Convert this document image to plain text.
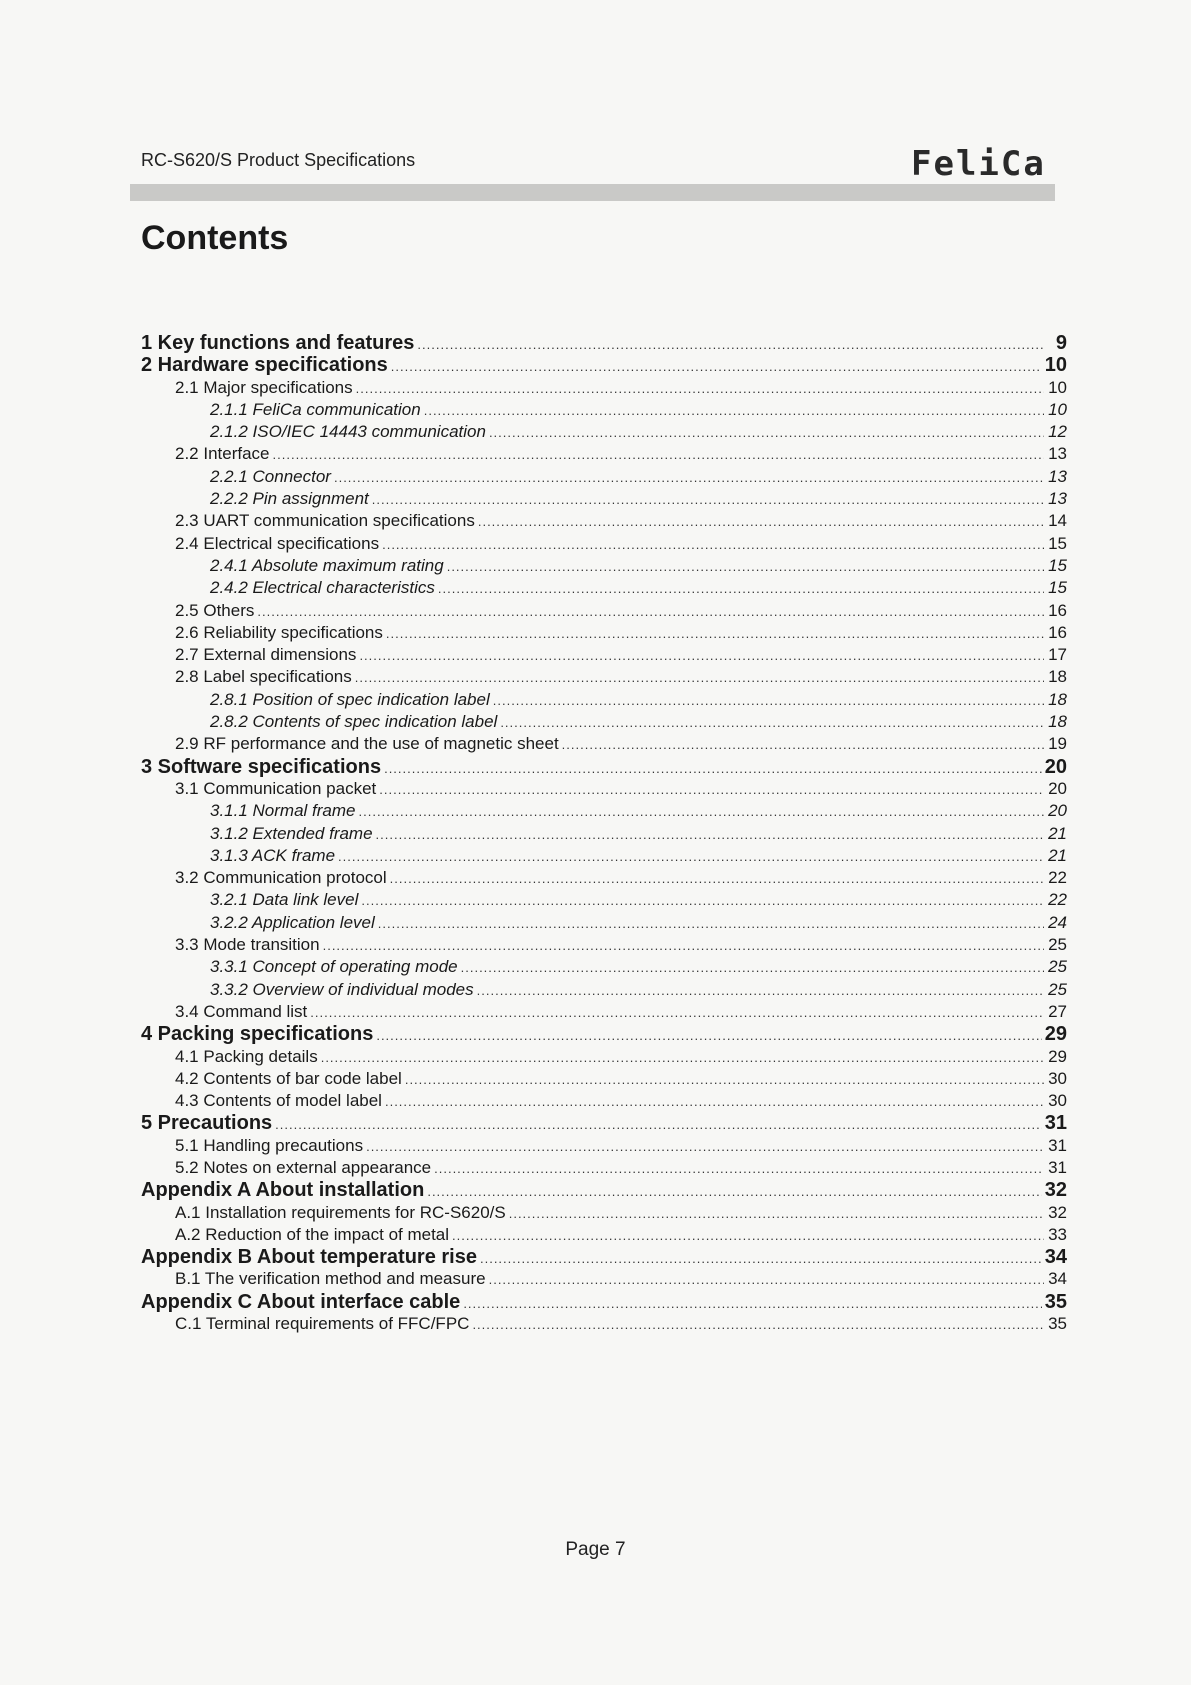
RC-S620/S Product Specifications	FeliCa
Contents
1 Key functions and features .....	9
2 Hardware specifications .....	10
2.1 Major specifications .....	10
2.1.1 FeliCa communication .....	10
2.1.2 ISO/IEC 14443 communication .....	12
2.2 Interface .....	13
2.2.1 Connector .....	13
2.2.2 Pin assignment .....	13
2.3 UART communication specifications .....	14
2.4 Electrical specifications .....	15
2.4.1 Absolute maximum rating .....	15
2.4.2 Electrical characteristics .....	15
2.5 Others .....	16
2.6 Reliability specifications .....	16
2.7 External dimensions .....	17
2.8 Label specifications .....	18
2.8.1 Position of spec indication label .....	18
2.8.2 Contents of spec indication label .....	18
2.9 RF performance and the use of magnetic sheet .....	19
3 Software specifications .....	20
3.1 Communication packet .....	20
3.1.1 Normal frame .....	20
3.1.2 Extended frame .....	21
3.1.3 ACK frame .....	21
3.2 Communication protocol .....	22
3.2.1 Data link level .....	22
3.2.2 Application level .....	24
3.3 Mode transition .....	25
3.3.1 Concept of operating mode .....	25
3.3.2 Overview of individual modes .....	25
3.4 Command list .....	27
4 Packing specifications .....	29
4.1 Packing details .....	29
4.2 Contents of bar code label .....	30
4.3 Contents of model label .....	30
5 Precautions .....	31
5.1 Handling precautions .....	31
5.2 Notes on external appearance .....	31
Appendix A About installation .....	32
A.1 Installation requirements for RC-S620/S .....	32
A.2 Reduction of the impact of metal .....	33
Appendix B About temperature rise .....	34
B.1 The verification method and measure .....	34
Appendix C About interface cable .....	35
C.1 Terminal requirements of FFC/FPC .....	35
Page 7
